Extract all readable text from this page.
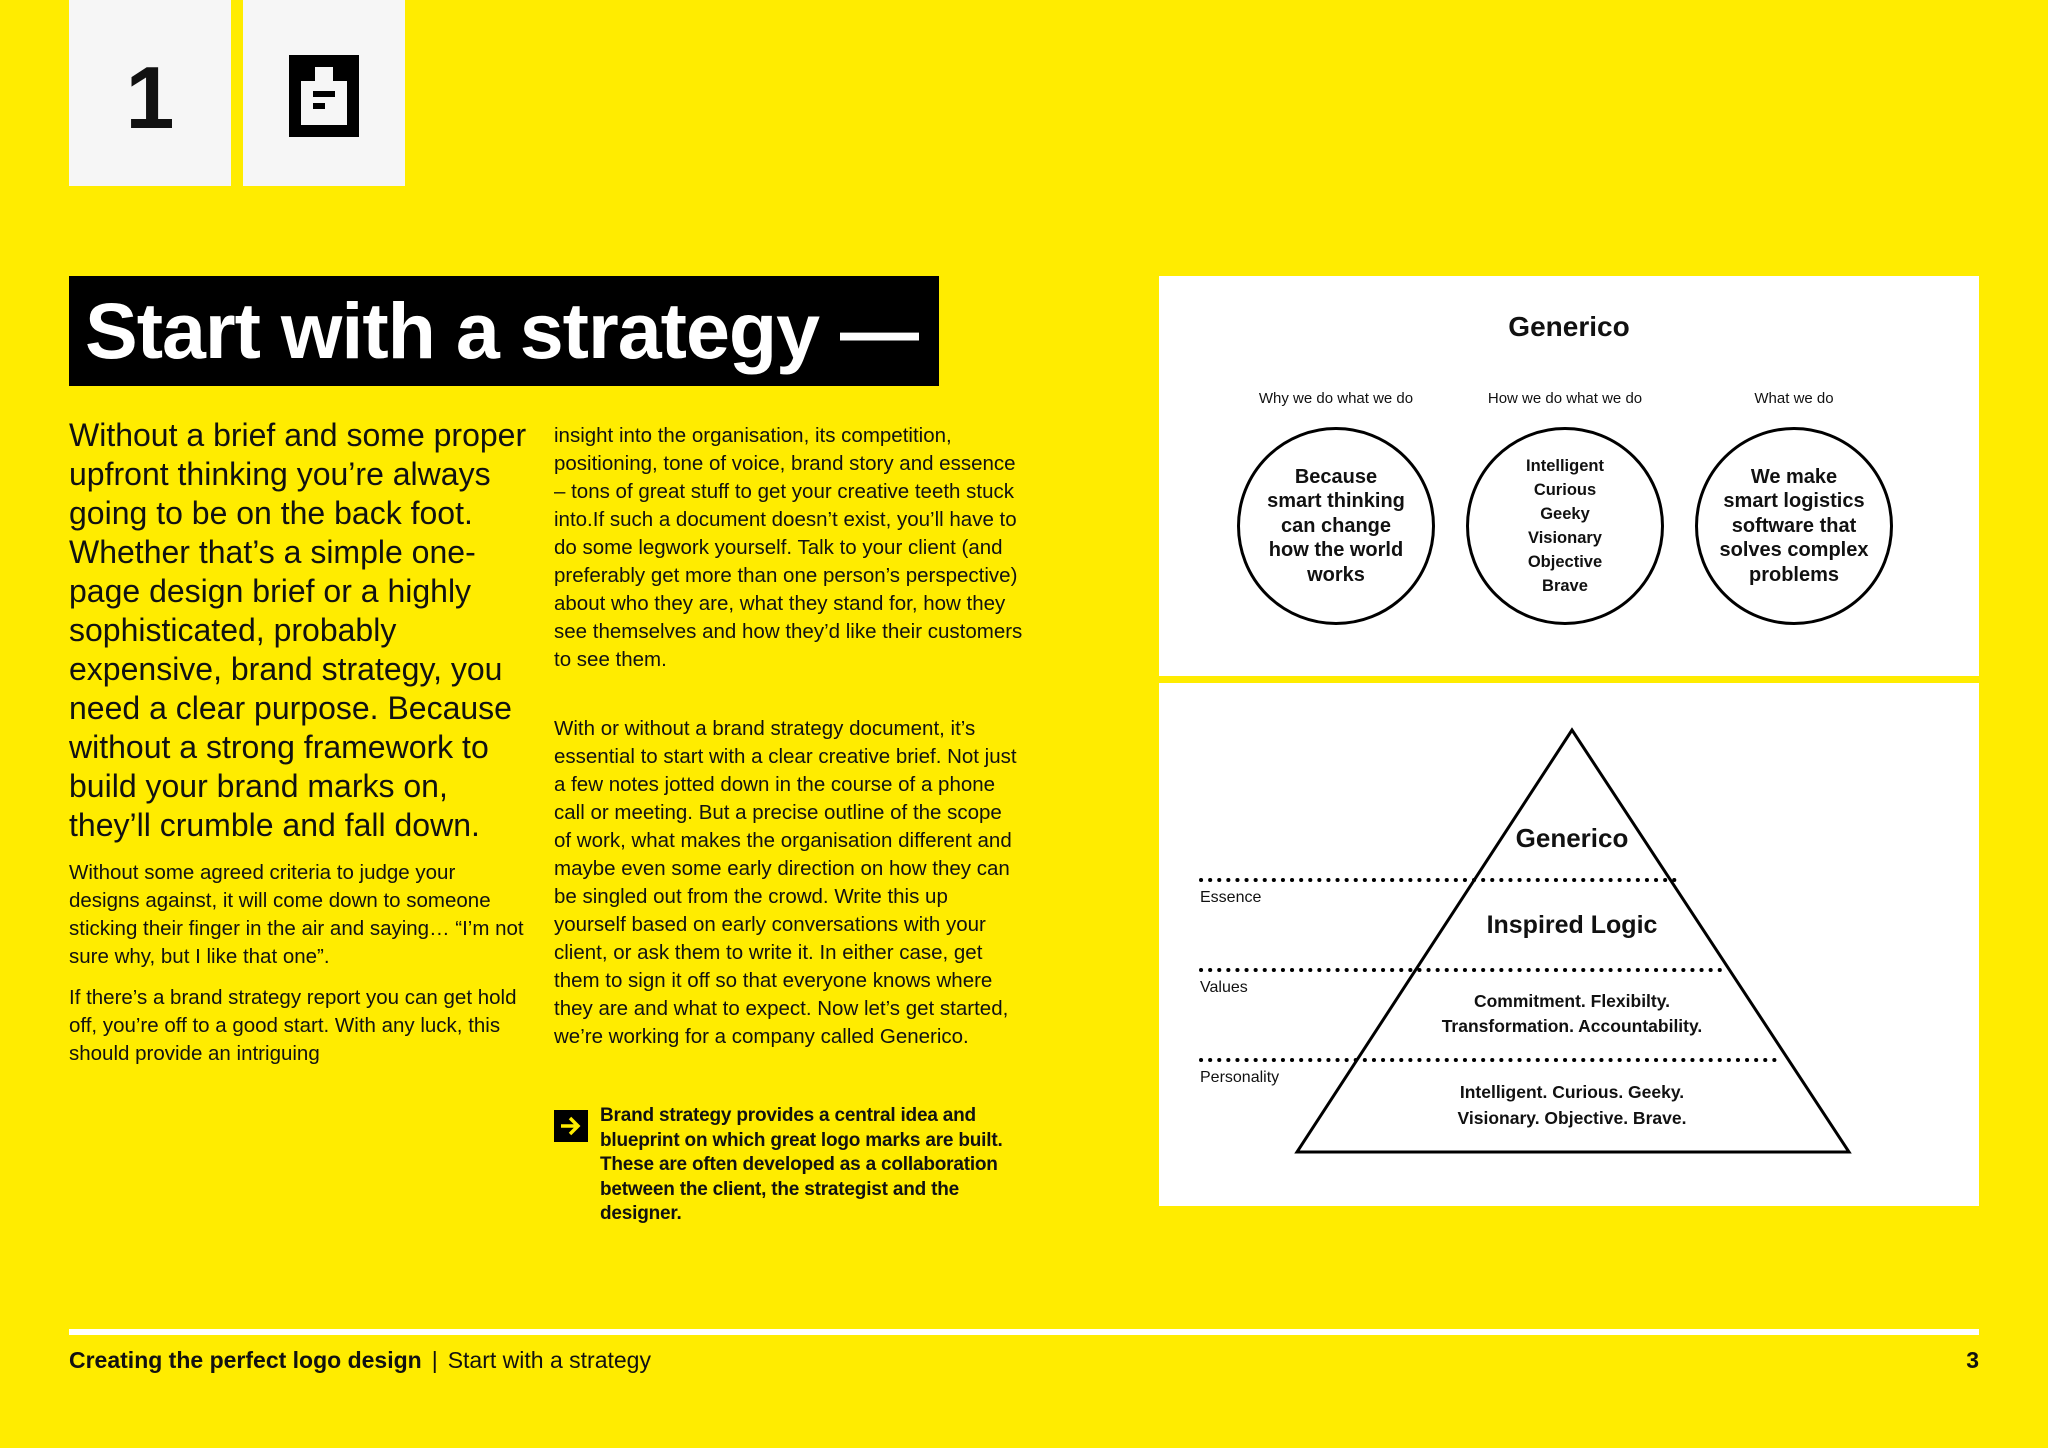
1
Start with a strategy —

Without a brief and some proper upfront thinking you’re always going to be on the back foot. Whether that’s a simple one-page design brief or a highly sophisticated, probably expensive, brand strategy, you need a clear purpose. Because without a strong framework to build your brand marks on, they’ll crumble and fall down.

Without some agreed criteria to judge your designs against, it will come down to someone sticking their finger in the air and saying… “I’m not sure why, but I like that one”.

If there’s a brand strategy report you can get hold off, you’re off to a good start. With any luck, this should provide an intriguing

insight into the organisation, its competition, positioning, tone of voice, brand story and essence – tons of great stuff to get your creative teeth stuck into.If such a document doesn’t exist, you’ll have to do some legwork yourself. Talk to your client (and preferably get more than one person’s perspective) about who they are, what they stand for, how they see themselves and how they’d like their customers to see them.

With or without a brand strategy document, it’s essential to start with a clear creative brief. Not just a few notes jotted down in the course of a phone call or meeting. But a precise outline of the scope of work, what makes the organisation different and maybe even some early direction on how they can be singled out from the crowd. Write this up yourself based on early conversations with your client, or ask them to write it. In either case, get them to sign it off so that everyone knows where they are and what to expect. Now let’s get started, we’re working for a company called Generico.

Brand strategy provides a central idea and blueprint on which great logo marks are built. These are often developed as a collaboration between the client, the strategist and the designer.

Generico
Why we do what we do	How we do what we do	What we do
Because
smart thinking
can change
how the world
works
Intelligent
Curious
Geeky
Visionary
Objective
Brave
We make
smart logistics
software that
solves complex
problems
Generico
Inspired Logic
Commitment. Flexibilty.
Transformation. Accountability.
Intelligent. Curious. Geeky.
Visionary. Objective. Brave.
Essence
Values
Personality
Creating the perfect logo design | Start with a strategy	3
